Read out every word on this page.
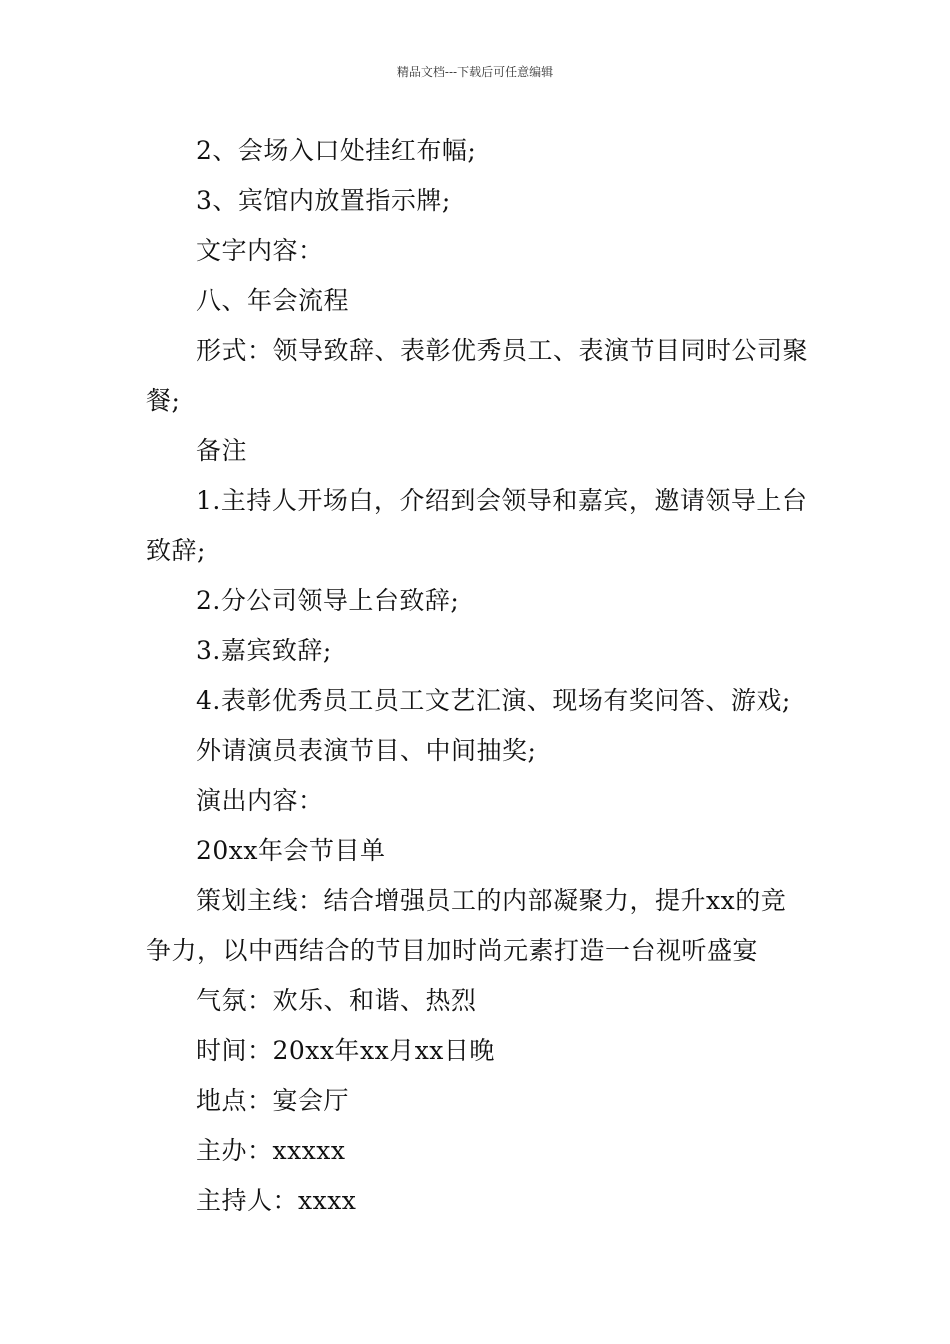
精品文档---下载后可任意编辑

2、会场入口处挂红布幅;

3、宾馆内放置指示牌;

文字内容：

八、年会流程

形式：领导致辞、表彰优秀员工、表演节目同时公司聚餐;

备注

1.主持人开场白，介绍到会领导和嘉宾，邀请领导上台致辞;

2.分公司领导上台致辞;

3.嘉宾致辞;

4.表彰优秀员工员工文艺汇演、现场有奖问答、游戏;

外请演员表演节目、中间抽奖;

演出内容：

20xx年会节目单

策划主线：结合增强员工的内部凝聚力，提升xx的竞争力，以中西结合的节目加时尚元素打造一台视听盛宴

气氛：欢乐、和谐、热烈

时间：20xx年xx月xx日晚

地点：宴会厅

主办：xxxxx

主持人：xxxx
